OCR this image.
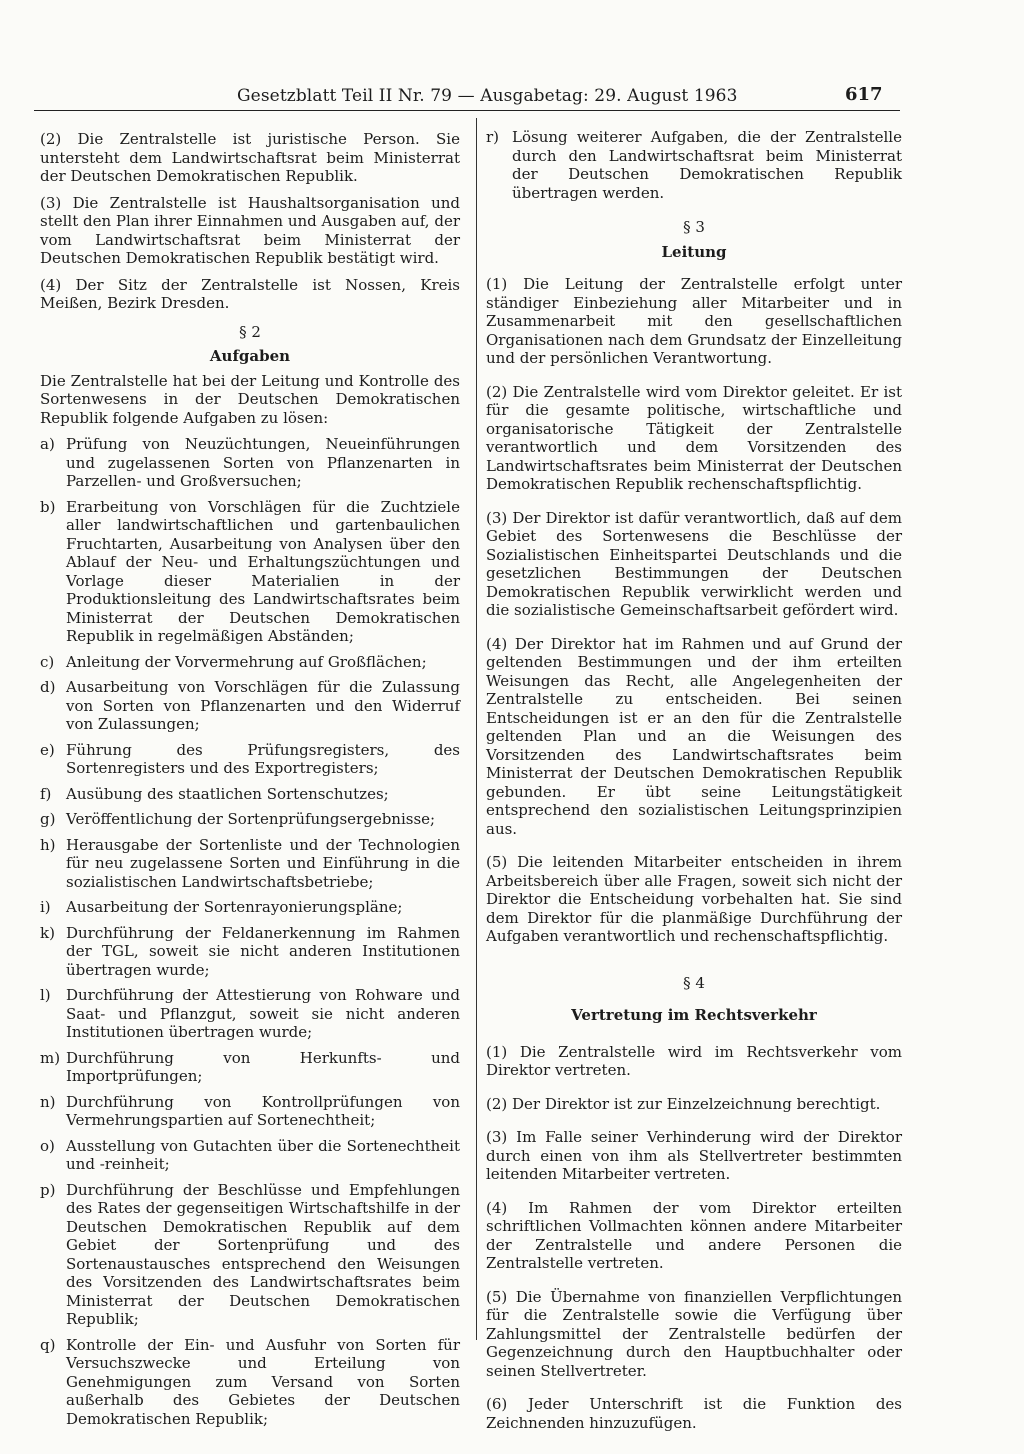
Gesetzblatt Teil II Nr. 79 — Ausgabetag: 29. August 1963	617

(2) Die Zentralstelle ist juristische Person. Sie untersteht dem Landwirtschaftsrat beim Ministerrat der Deutschen Demokratischen Republik.

(3) Die Zentralstelle ist Haushaltsorganisation und stellt den Plan ihrer Einnahmen und Ausgaben auf, der vom Landwirtschaftsrat beim Ministerrat der Deutschen Demokratischen Republik bestätigt wird.

(4) Der Sitz der Zentralstelle ist Nossen, Kreis Meißen, Bezirk Dresden.

§ 2
Aufgaben

Die Zentralstelle hat bei der Leitung und Kontrolle des Sortenwesens in der Deutschen Demokratischen Republik folgende Aufgaben zu lösen:

a) Prüfung von Neuzüchtungen, Neueinführungen und zugelassenen Sorten von Pflanzenarten in Parzellen- und Großversuchen;
b) Erarbeitung von Vorschlägen für die Zuchtziele aller landwirtschaftlichen und gartenbaulichen Fruchtarten, Ausarbeitung von Analysen über den Ablauf der Neu- und Erhaltungszüchtungen und Vorlage dieser Materialien in der Produktionsleitung des Landwirtschaftsrates beim Ministerrat der Deutschen Demokratischen Republik in regelmäßigen Abständen;
c) Anleitung der Vorvermehrung auf Großflächen;
d) Ausarbeitung von Vorschlägen für die Zulassung von Sorten von Pflanzenarten und den Widerruf von Zulassungen;
e) Führung des Prüfungsregisters, des Sortenregisters und des Exportregisters;
f) Ausübung des staatlichen Sortenschutzes;
g) Veröffentlichung der Sortenprüfungsergebnisse;
h) Herausgabe der Sortenliste und der Technologien für neu zugelassene Sorten und Einführung in die sozialistischen Landwirtschaftsbetriebe;
i)	Ausarbeitung der Sortenrayonierungspläne;
k) Durchführung der Feldanerkennung im Rahmen der TGL, soweit sie nicht anderen Institutionen übertragen wurde;
l)	Durchführung der Attestierung von Rohware und Saat- und Pflanzgut, soweit sie nicht anderen Institutionen übertragen wurde;
m) Durchführung von Herkunfts- und Importprüfungen;
n) Durchführung von Kontrollprüfungen von Vermehrungspartien auf Sortenechtheit;
o) Ausstellung von Gutachten über die Sortenechtheit und -reinheit;
p) Durchführung der Beschlüsse und Empfehlungen des Rates der gegenseitigen Wirtschaftshilfe in der Deutschen Demokratischen Republik auf dem Gebiet der Sortenprüfung und des Sortenaustausches entsprechend den Weisungen des Vorsitzenden des Landwirtschaftsrates beim Ministerrat der Deutschen Demokratischen Republik;
q) Kontrolle der Ein- und Ausfuhr von Sorten für Versuchszwecke und Erteilung von Genehmigungen zum Versand von Sorten außerhalb des Gebietes der Deutschen Demokratischen Republik;
r) Lösung weiterer Aufgaben, die der Zentralstelle durch den Landwirtschaftsrat beim Ministerrat der Deutschen Demokratischen Republik übertragen werden.
§ 3
Leitung

(1) Die Leitung der Zentralstelle erfolgt unter ständiger Einbeziehung aller Mitarbeiter und in Zusammenarbeit mit den gesellschaftlichen Organisationen nach dem Grundsatz der Einzelleitung und der persönlichen Verantwortung.

(2) Die Zentralstelle wird vom Direktor geleitet. Er ist für die gesamte politische, wirtschaftliche und organisatorische Tätigkeit der Zentralstelle verantwortlich und dem Vorsitzenden des Landwirtschaftsrates beim Ministerrat der Deutschen Demokratischen Republik rechenschaftspflichtig.

(3) Der Direktor ist dafür verantwortlich, daß auf dem Gebiet des Sortenwesens die Beschlüsse der Sozialistischen Einheitspartei Deutschlands und die gesetzlichen Bestimmungen der Deutschen Demokratischen Republik verwirklicht werden und die sozialistische Gemeinschaftsarbeit gefördert wird.

(4) Der Direktor hat im Rahmen und auf Grund der geltenden Bestimmungen und der ihm erteilten Weisungen das Recht, alle Angelegenheiten der Zentralstelle zu entscheiden. Bei seinen Entscheidungen ist er an den für die Zentralstelle geltenden Plan und an die Weisungen des Vorsitzenden des Landwirtschaftsrates beim Ministerrat der Deutschen Demokratischen Republik gebunden. Er übt seine Leitungstätigkeit entsprechend den sozialistischen Leitungsprinzipien aus.

(5) Die leitenden Mitarbeiter entscheiden in ihrem Arbeitsbereich über alle Fragen, soweit sich nicht der Direktor die Entscheidung vorbehalten hat. Sie sind dem Direktor für die planmäßige Durchführung der Aufgaben verantwortlich und rechenschaftspflichtig.

§ 4
Vertretung im Rechtsverkehr

(1) Die Zentralstelle wird im Rechtsverkehr vom Direktor vertreten.

(2) Der Direktor ist zur Einzelzeichnung berechtigt.

(3) Im Falle seiner Verhinderung wird der Direktor durch einen von ihm als Stellvertreter bestimmten leitenden Mitarbeiter vertreten.

(4) Im Rahmen der vom Direktor erteilten schriftlichen Vollmachten können andere Mitarbeiter der Zentralstelle und andere Personen die Zentralstelle vertreten.

(5) Die Übernahme von finanziellen Verpflichtungen für die Zentralstelle sowie die Verfügung über Zahlungsmittel der Zentralstelle bedürfen der Gegenzeichnung durch den Hauptbuchhalter oder seinen Stellvertreter.

(6) Jeder Unterschrift ist die Funktion des Zeichnenden hinzuzufügen.
